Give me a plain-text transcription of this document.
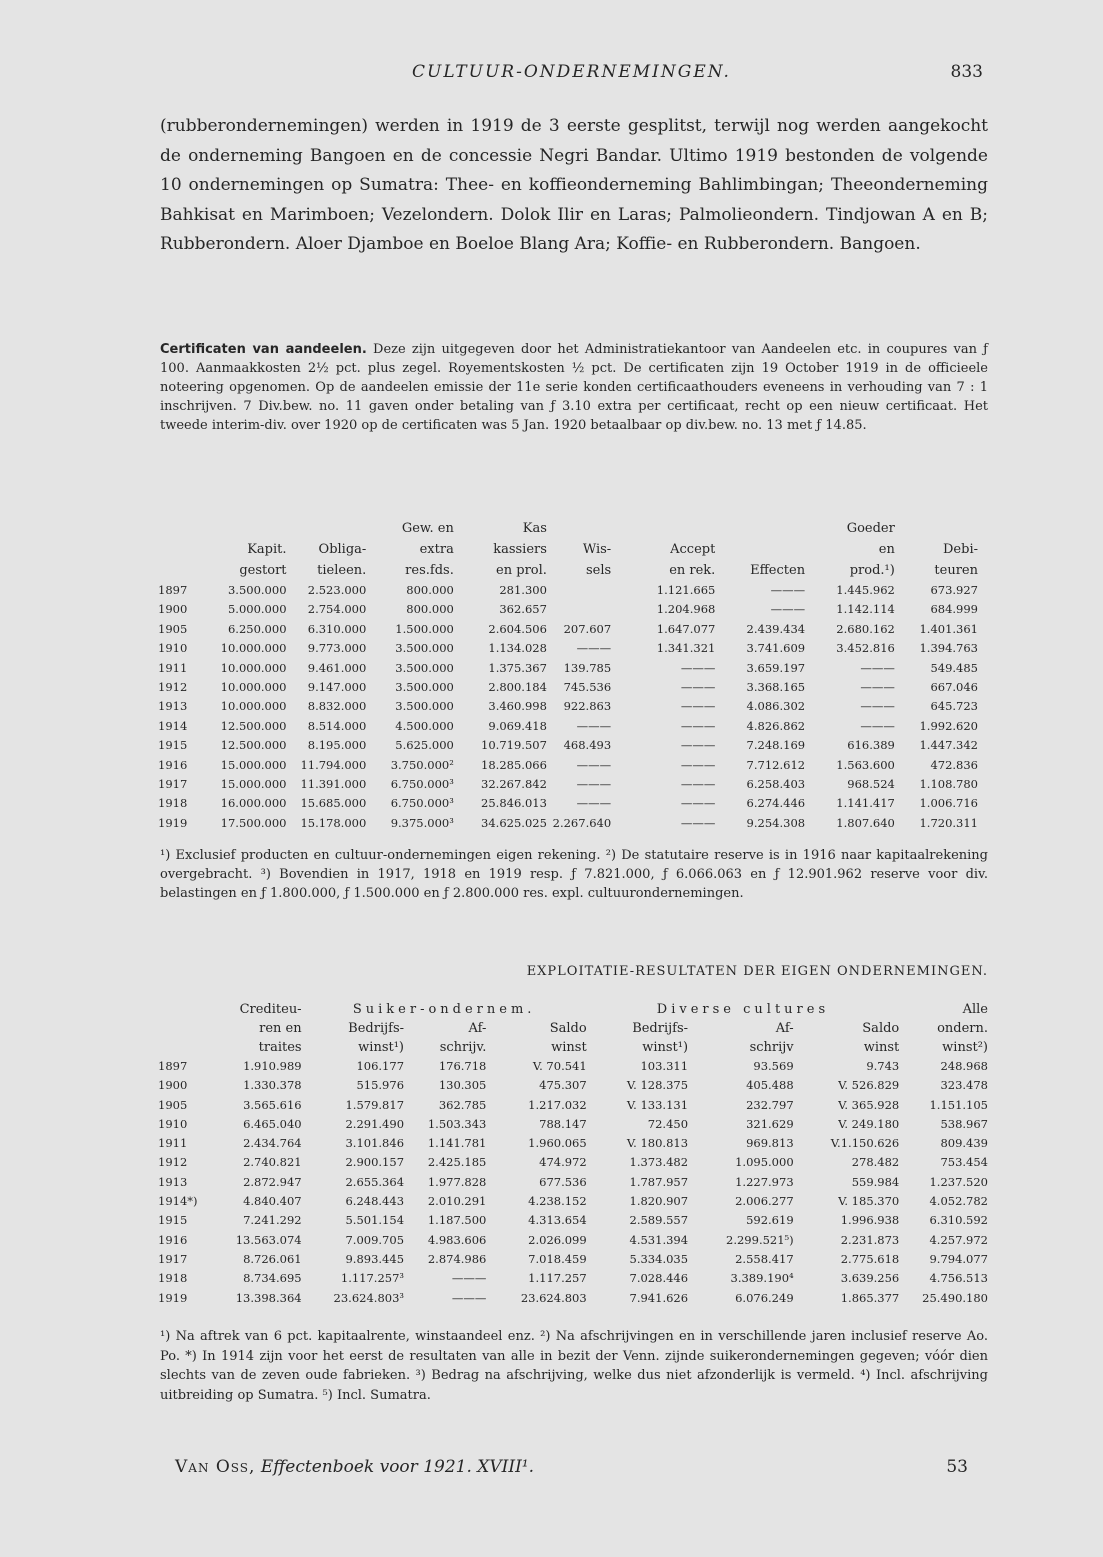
CULTUUR-ONDERNEMINGEN.	833

(rubberondernemingen) werden in 1919 de 3 eerste gesplitst, terwijl nog werden aangekocht de onderneming Bangoen en de concessie Negri Bandar. Ultimo 1919 bestonden de volgende 10 ondernemingen op Sumatra: Thee- en koffieonderneming Bahlimbingan; Theeonderneming Bahkisat en Marimboen; Vezelondern. Dolok Ilir en Laras; Palmolieondern. Tindjowan A en B; Rubberondern. Aloer Djamboe en Boeloe Blang Ara; Koffie- en Rubberondern. Bangoen.

Certificaten van aandeelen. Deze zijn uitgegeven door het Administratiekantoor van Aandeelen etc. in coupures van ƒ 100. Aanmaakkosten 2½ pct. plus zegel. Royementskosten ½ pct. De certificaten zijn 19 October 1919 in de officieele noteering opgenomen. Op de aandeelen emissie der 11e serie konden certificaathouders eveneens in verhouding van 7 : 1 inschrijven. 7 Div.bew. no. 11 gaven onder betaling van ƒ 3.10 extra per certificaat, recht op een nieuw certificaat. Het tweede interim-div. over 1920 op de certificaten was 5 Jan. 1920 betaalbaar op div.bew. no. 13 met ƒ 14.85.

			Gew. en	Kas				Goeder	
	Kapit.	Obliga-	extra	kassiers	Wis-	Accept		en	Debi-
	gestort	tieleen.	res.fds.	en prol.	sels	en rek.	Effecten	prod.¹)	teuren
1897	3.500.000	2.523.000	800.000	281.300		1.121.665	———	1.445.962	673.927
1900	5.000.000	2.754.000	800.000	362.657		1.204.968	———	1.142.114	684.999
1905	6.250.000	6.310.000	1.500.000	2.604.506	207.607	1.647.077	2.439.434	2.680.162	1.401.361
1910	10.000.000	9.773.000	3.500.000	1.134.028	———	1.341.321	3.741.609	3.452.816	1.394.763
1911	10.000.000	9.461.000	3.500.000	1.375.367	139.785	———	3.659.197	———	549.485
1912	10.000.000	9.147.000	3.500.000	2.800.184	745.536	———	3.368.165	———	667.046
1913	10.000.000	8.832.000	3.500.000	3.460.998	922.863	———	4.086.302	———	645.723
1914	12.500.000	8.514.000	4.500.000	9.069.418	———	———	4.826.862	———	1.992.620
1915	12.500.000	8.195.000	5.625.000	10.719.507	468.493	———	7.248.169	616.389	1.447.342
1916	15.000.000	11.794.000	3.750.000²	18.285.066	———	———	7.712.612	1.563.600	472.836
1917	15.000.000	11.391.000	6.750.000³	32.267.842	———	———	6.258.403	968.524	1.108.780
1918	16.000.000	15.685.000	6.750.000³	25.846.013	———	———	6.274.446	1.141.417	1.006.716
1919	17.500.000	15.178.000	9.375.000³	34.625.025	2.267.640	———	9.254.308	1.807.640	1.720.311

¹) Exclusief producten en cultuur-ondernemingen eigen rekening. ²) De statutaire reserve is in 1916 naar kapitaalrekening overgebracht. ³) Bovendien in 1917, 1918 en 1919 resp. ƒ 7.821.000, ƒ 6.066.063 en ƒ 12.901.962 reserve voor div. belastingen en ƒ 1.800.000, ƒ 1.500.000 en ƒ 2.800.000 res. expl. cultuurondernemingen.

EXPLOITATIE-RESULTATEN DER EIGEN ONDERNEMINGEN.
	Crediteu-	Suiker-ondernem.			Diverse cultures			Alle
	ren en	Bedrijfs-	Af-	Saldo	Bedrijfs-	Af-	Saldo	ondern.
	traites	winst¹)	schrijv.	winst	winst¹)	schrijv	winst	winst²)
1897	1.910.989	106.177	176.718	V. 70.541	103.311	93.569	9.743	248.968
1900	1.330.378	515.976	130.305	475.307	V. 128.375	405.488	V. 526.829	323.478
1905	3.565.616	1.579.817	362.785	1.217.032	V. 133.131	232.797	V. 365.928	1.151.105
1910	6.465.040	2.291.490	1.503.343	788.147	72.450	321.629	V. 249.180	538.967
1911	2.434.764	3.101.846	1.141.781	1.960.065	V. 180.813	969.813	V.1.150.626	809.439
1912	2.740.821	2.900.157	2.425.185	474.972	1.373.482	1.095.000	278.482	753.454
1913	2.872.947	2.655.364	1.977.828	677.536	1.787.957	1.227.973	559.984	1.237.520
1914*)	4.840.407	6.248.443	2.010.291	4.238.152	1.820.907	2.006.277	V. 185.370	4.052.782
1915	7.241.292	5.501.154	1.187.500	4.313.654	2.589.557	592.619	1.996.938	6.310.592
1916	13.563.074	7.009.705	4.983.606	2.026.099	4.531.394	2.299.521⁵)	2.231.873	4.257.972
1917	8.726.061	9.893.445	2.874.986	7.018.459	5.334.035	2.558.417	2.775.618	9.794.077
1918	8.734.695	1.117.257³	———	1.117.257	7.028.446	3.389.190⁴	3.639.256	4.756.513
1919	13.398.364	23.624.803³	———	23.624.803	7.941.626	6.076.249	1.865.377	25.490.180

¹) Na aftrek van 6 pct. kapitaalrente, winstaandeel enz. ²) Na afschrijvingen en in verschillende jaren inclusief reserve Ao. Po. *) In 1914 zijn voor het eerst de resultaten van alle in bezit der Venn. zijnde suikerondernemingen gegeven; vóór dien slechts van de zeven oude fabrieken. ³) Bedrag na afschrijving, welke dus niet afzonderlijk is vermeld. ⁴) Incl. afschrijving uitbreiding op Sumatra. ⁵) Incl. Sumatra.

Van Oss, Effectenboek voor 1921. XVIII¹.	53
